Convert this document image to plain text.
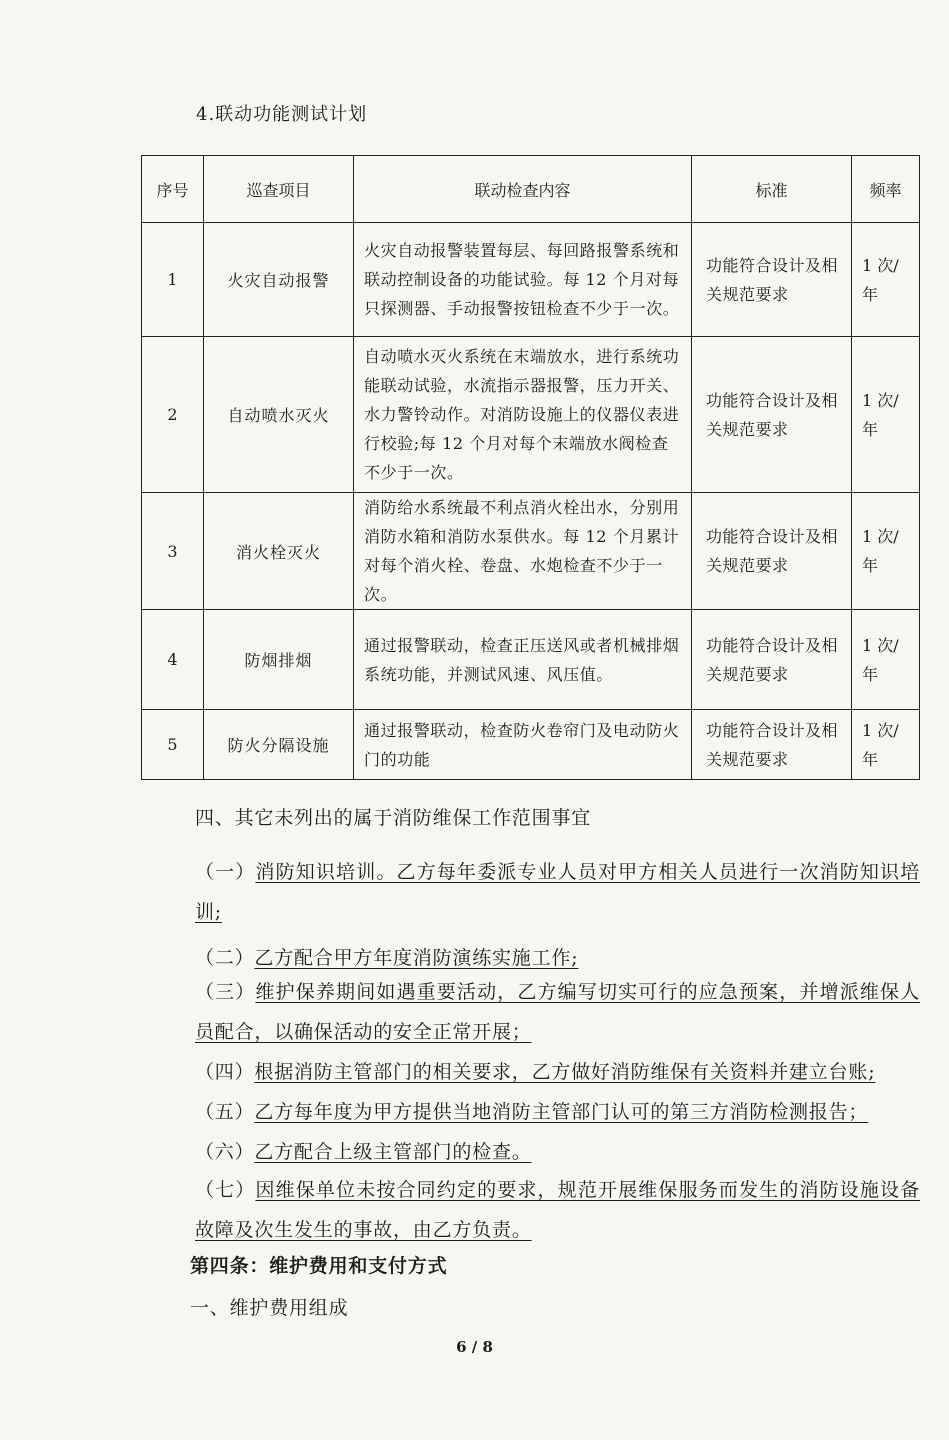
4.联动功能测试计划
序号	巡查项目	联动检查内容	标准	频率
1	火灾自动报警	火灾自动报警装置每层、每回路报警系统和联动控制设备的功能试验。每 12 个月对每只探测器、手动报警按钮检查不少于一次。	功能符合设计及相关规范要求	1 次/年
2	自动喷水灭火	自动喷水灭火系统在末端放水，进行系统功能联动试验，水流指示器报警，压力开关、水力警铃动作。对消防设施上的仪器仪表进行校验;每 12 个月对每个末端放水阀检查不少于一次。	功能符合设计及相关规范要求	1 次/年
3	消火栓灭火	消防给水系统最不利点消火栓出水，分别用消防水箱和消防水泵供水。每 12 个月累计对每个消火栓、卷盘、水炮检查不少于一次。	功能符合设计及相关规范要求	1 次/年
4	防烟排烟	通过报警联动，检查正压送风或者机械排烟系统功能，并测试风速、风压值。	功能符合设计及相关规范要求	1 次/年
5	防火分隔设施	通过报警联动，检查防火卷帘门及电动防火门的功能	功能符合设计及相关规范要求	1 次/年
四、其它未列出的属于消防维保工作范围事宜
（一）消防知识培训。乙方每年委派专业人员对甲方相关人员进行一次消防知识培训;
（二）乙方配合甲方年度消防演练实施工作;
（三）维护保养期间如遇重要活动，乙方编写切实可行的应急预案，并增派维保人员配合，以确保活动的安全正常开展；
（四）根据消防主管部门的相关要求，乙方做好消防维保有关资料并建立台账;
（五）乙方每年度为甲方提供当地消防主管部门认可的第三方消防检测报告；
（六）乙方配合上级主管部门的检查。
（七）因维保单位未按合同约定的要求，规范开展维保服务而发生的消防设施设备故障及次生发生的事故，由乙方负责。
第四条：维护费用和支付方式
一、维护费用组成
6 / 8
